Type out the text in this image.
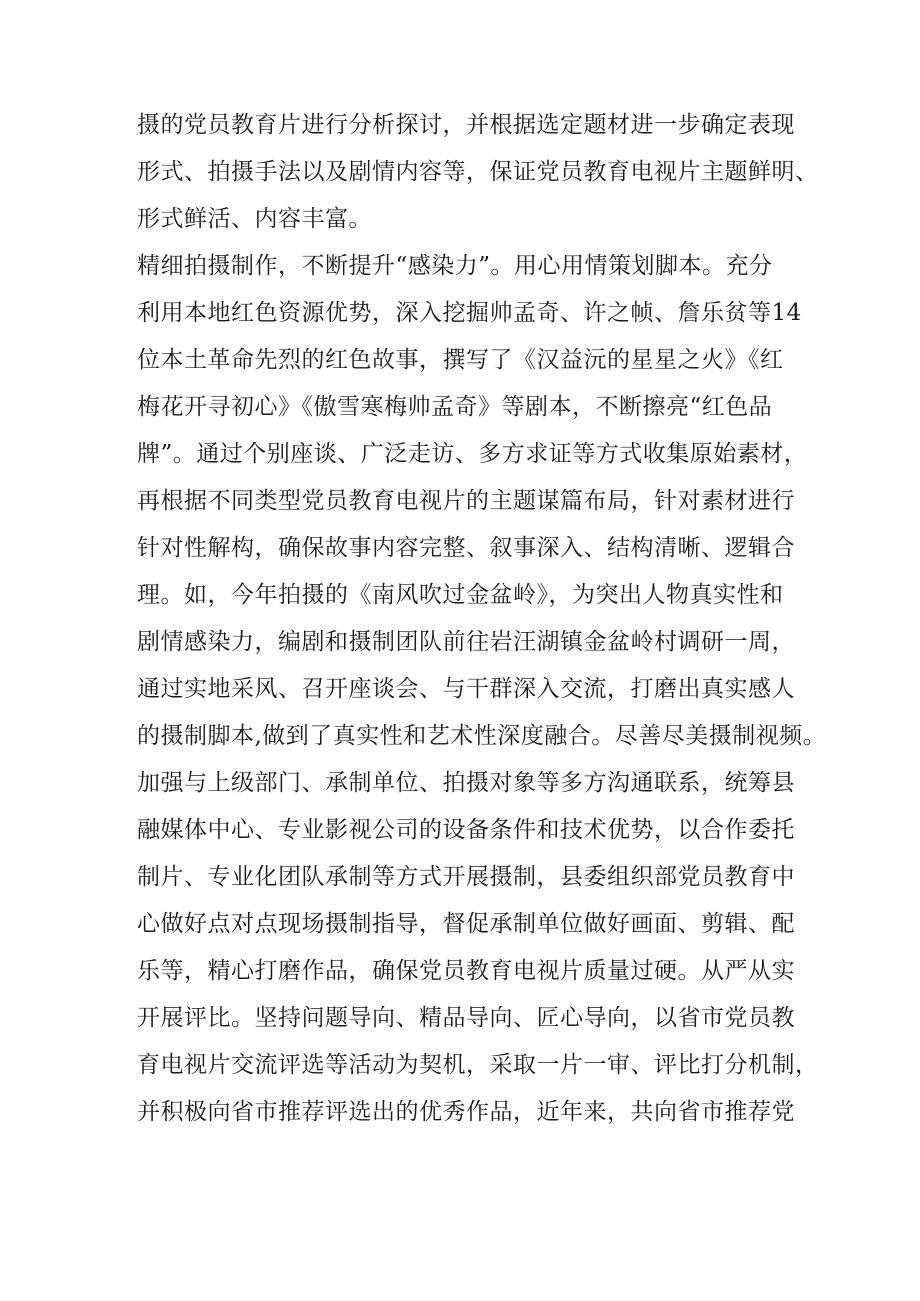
摄的党员教育片进行分析探讨，并根据选定题材进一步确定表现
形式、拍摄手法以及剧情内容等，保证党员教育电视片主题鲜明、
形式鲜活、内容丰富。
精细拍摄制作，不断提升“感染力”。用心用情策划脚本。充分
利用本地红色资源优势，深入挖掘帅孟奇、许之帧、詹乐贫等14
位本土革命先烈的红色故事，撰写了《汉益沅的星星之火》《红
梅花开寻初心》《傲雪寒梅帅孟奇》等剧本，不断擦亮“红色品
牌”。通过个别座谈、广泛走访、多方求证等方式收集原始素材，
再根据不同类型党员教育电视片的主题谋篇布局，针对素材进行
针对性解构，确保故事内容完整、叙事深入、结构清晰、逻辑合
理。如，今年拍摄的《南风吹过金盆岭》，为突出人物真实性和
剧情感染力，编剧和摄制团队前往岩汪湖镇金盆岭村调研一周，
通过实地采风、召开座谈会、与干群深入交流，打磨出真实感人
的摄制脚本,做到了真实性和艺术性深度融合。尽善尽美摄制视频。
加强与上级部门、承制单位、拍摄对象等多方沟通联系，统筹县
融媒体中心、专业影视公司的设备条件和技术优势，以合作委托
制片、专业化团队承制等方式开展摄制，县委组织部党员教育中
心做好点对点现场摄制指导，督促承制单位做好画面、剪辑、配
乐等，精心打磨作品，确保党员教育电视片质量过硬。从严从实
开展评比。坚持问题导向、精品导向、匠心导向，以省市党员教
育电视片交流评选等活动为契机，采取一片一审、评比打分机制，
并积极向省市推荐评选出的优秀作品，近年来，共向省市推荐党
